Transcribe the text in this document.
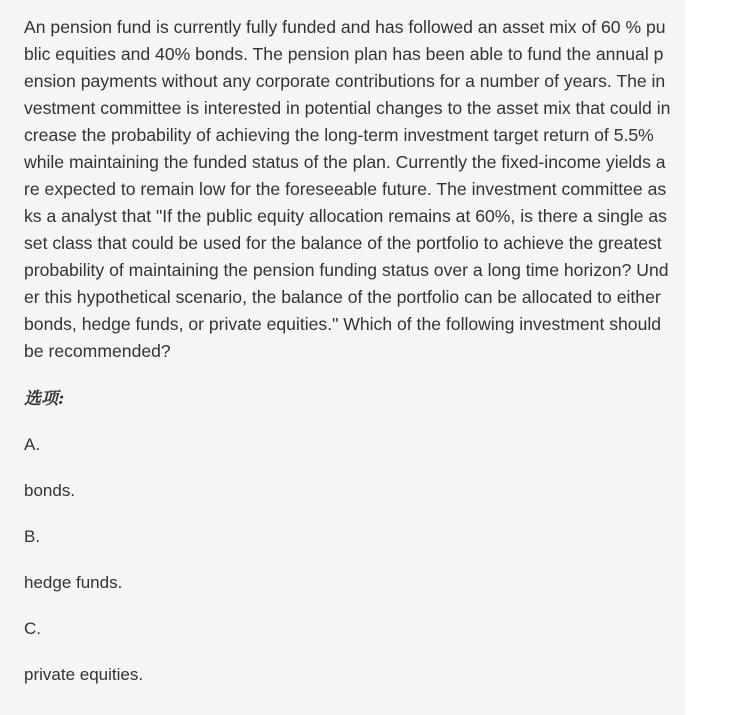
An pension fund is currently fully funded and has followed an asset mix of 60 % public equities and 40% bonds. The pension plan has been able to fund the annual pension payments without any corporate contributions for a number of years. The investment committee is interested in potential changes to the asset mix that could increase the probability of achieving the long-term investment target return of 5.5% while maintaining the funded status of the plan. Currently the fixed-income yields are expected to remain low for the foreseeable future. The investment committee asks a analyst that "If the public equity allocation remains at 60%, is there a single asset class that could be used for the balance of the portfolio to achieve the greatest probability of maintaining the pension funding status over a long time horizon? Under this hypothetical scenario, the balance of the portfolio can be allocated to either bonds, hedge funds, or private equities." Which of the following investment should be recommended?

选项:
A.
bonds.
B.
hedge funds.
C.
private equities.
